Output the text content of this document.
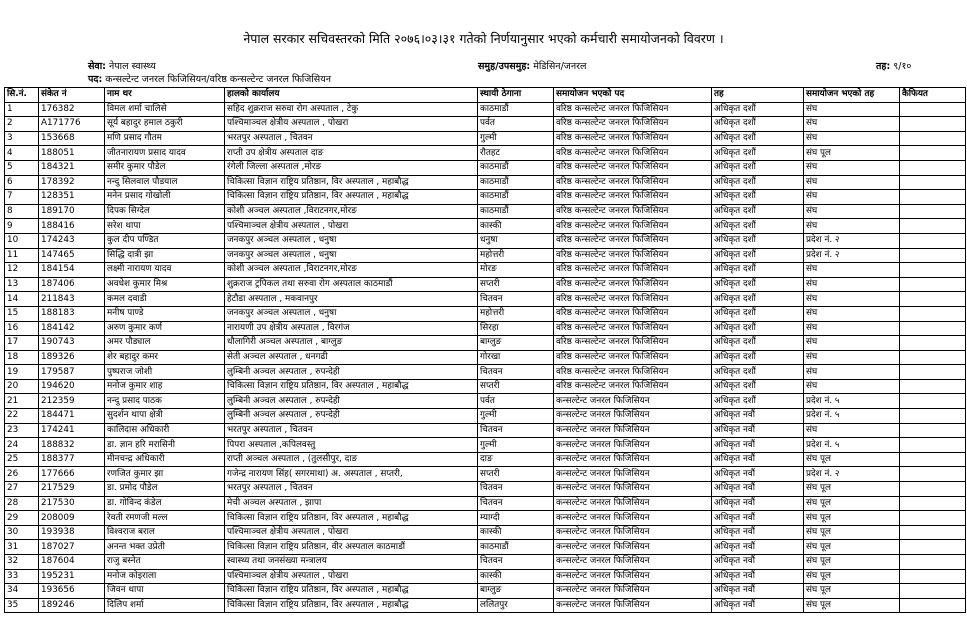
नेपाल सरकार सचिवस्तरको मिति २०७६।०३।३१ गतेको निर्णयानुसार भएको कर्मचारी समायोजनको विवरण ।
सेवा: नेपाल स्वास्थ्य	समुह/उपसमुह: मेडिसिन/जनरल	तह: ९/१०
पद: कन्सल्टेन्ट जनरल फिजिसियन/वरिष्ठ कन्सल्टेन्ट जनरल फिजिसियन
सि.नं.	संकेत नं	नाम थर	हालको कार्यालय	स्थायी ठेगाना	समायोजन भएको पद	तह	समायोजन भएको तह	कैफियत
1	176382	विमल शर्मा चालिसे	सहिद शुक्रराज सरुवा रोग अस्पताल , टेकु	काठमाडौं	वरिष्ठ कन्सल्टेन्ट जनरल फिजिसियन	अधिकृत दशौं	संघ	
2	A171776	सूर्य बहादुर हमाल ठकुरी	पश्चिमाञ्चल क्षेत्रीय अस्पताल , पोखरा	पर्वत	वरिष्ठ कन्सल्टेन्ट जनरल फिजिसियन	अधिकृत दशौं	संघ	
3	153668	मणि प्रसाद गौतम	भरतपुर अस्पताल , चितवन	गुल्मी	वरिष्ठ कन्सल्टेन्ट जनरल फिजिसियन	अधिकृत दशौं	संघ	
4	188051	जीतनारायण प्रसाद यादव	राप्ती उप क्षेत्रीय अस्पताल दाङ	रौतहट	वरिष्ठ कन्सल्टेन्ट जनरल फिजिसियन	अधिकृत दशौं	संघ पूल	
5	184321	समीर कुमार पौडेल	रंगेली जिल्ला अस्पताल ,मोरङ	काठमाडौं	वरिष्ठ कन्सल्टेन्ट जनरल फिजिसियन	अधिकृत दशौं	संघ	
6	178392	नन्दु सिलवाल पौडयाल	चिकित्सा विज्ञान राष्ट्रिय प्रतिष्ठान, विर अस्पताल , महाबौद्ध	काठमाडौं	वरिष्ठ कन्सल्टेन्ट जनरल फिजिसियन	अधिकृत दशौं	संघ	
7	128351	मनेन प्रसाद गोखोली	चिकित्सा विज्ञान राष्ट्रिय प्रतिष्ठान, विर अस्पताल , महाबौद्ध	काठमाडौं	वरिष्ठ कन्सल्टेन्ट जनरल फिजिसियन	अधिकृत दशौं	संघ	
8	189170	दिपक सिग्देल	कोशी अञ्चल अस्पताल ,विराटनगर,मोरङ	काठमाडौं	वरिष्ठ कन्सल्टेन्ट जनरल फिजिसियन	अधिकृत दशौं	संघ	
9	188416	सरेश थापा	पश्चिमाञ्चल क्षेत्रीय अस्पताल , पोखरा	कास्की	वरिष्ठ कन्सल्टेन्ट जनरल फिजिसियन	अधिकृत दशौं	संघ	
10	174243	कुल दीप पण्डित	जनकपुर अञ्चल अस्पताल , धनुषा	धनुषा	वरिष्ठ कन्सल्टेन्ट जनरल फिजिसियन	अधिकृत दशौं	प्रदेश नं. २	
11	147465	सिद्धि दात्री झा	जनकपुर अञ्चल अस्पताल , धनुषा	महोत्तरी	वरिष्ठ कन्सल्टेन्ट जनरल फिजिसियन	अधिकृत दशौं	प्रदेश नं. २	
12	184154	लक्ष्मी नारायण यादव	कोशी अञ्चल अस्पताल ,विराटनगर,मोरङ	मोरङ	वरिष्ठ कन्सल्टेन्ट जनरल फिजिसियन	अधिकृत दशौं	संघ	
13	187406	अवधेश कुमार मिश्र	शुक्रराज ट्रपिकल तथा सरुवा रोग अस्पताल काठमाडौं	सप्तरी	वरिष्ठ कन्सल्टेन्ट जनरल फिजिसियन	अधिकृत दशौं	संघ	
14	211843	कमल दवाडी	हेटौडा अस्पताल , मकवानपुर	चितवन	वरिष्ठ कन्सल्टेन्ट जनरल फिजिसियन	अधिकृत दशौं	संघ	
15	188183	मनीष पाण्डे	जनकपुर अञ्चल अस्पताल , धनुषा	महोत्तरी	वरिष्ठ कन्सल्टेन्ट जनरल फिजिसियन	अधिकृत दशौं	संघ	
16	184142	अरुण कुमार कर्ण	नारायणी उप क्षेत्रीय अस्पताल , विरगंज	सिरहा	वरिष्ठ कन्सल्टेन्ट जनरल फिजिसियन	अधिकृत दशौं	संघ	
17	190743	अमर पौड्याल	धौलागिरी अञ्चल अस्पताल , बाग्लुङ	बाग्लुङ	वरिष्ठ कन्सल्टेन्ट जनरल फिजिसियन	अधिकृत दशौं	संघ	
18	189326	शेर बहादुर कमर	सेती अञ्चल अस्पताल , धनगढी	गोरखा	वरिष्ठ कन्सल्टेन्ट जनरल फिजिसियन	अधिकृत दशौं	संघ	
19	179587	पुष्पराज जोशी	लुम्बिनी अञ्चल अस्पताल , रुपन्देही	चितवन	वरिष्ठ कन्सल्टेन्ट जनरल फिजिसियन	अधिकृत दशौं	संघ	
20	194620	मनोज कुमार शाह	चिकित्सा विज्ञान राष्ट्रिय प्रतिष्ठान, विर अस्पताल , महाबौद्ध	सप्तरी	वरिष्ठ कन्सल्टेन्ट जनरल फिजिसियन	अधिकृत दशौं	संघ	
21	212359	नन्दु प्रसाद पाठक	लुम्बिनी अञ्चल अस्पताल , रुपन्देही	पर्वत	कन्सल्टेन्ट जनरल फिजिसियन	अधिकृत दशौं	प्रदेश नं. ५	
22	184471	सुदर्शन थापा क्षेत्री	लुम्बिनी अञ्चल अस्पताल , रुपन्देही	गुल्मी	कन्सल्टेन्ट जनरल फिजिसियन	अधिकृत नवौं	प्रदेश नं. ५	
23	174241	कालिदास अधिकारी	भरतपुर अस्पताल , चितवन	चितवन	कन्सल्टेन्ट जनरल फिजिसियन	अधिकृत नवौं	संघ	
24	188832	डा. ज्ञान हरि मरासिनी	पिपरा अस्पताल ,कपिलवस्तु	गुल्मी	कन्सल्टेन्ट जनरल फिजिसियन	अधिकृत नवौं	प्रदेश नं. ५	
25	188377	मीनचन्द्र अधिकारी	राप्ती अञ्चल अस्पताल , (तुलसीपुर, दाङ	दाङ	कन्सल्टेन्ट जनरल फिजिसियन	अधिकृत नवौं	संघ पूल	
26	177666	रणजित कुमार झा	गजेन्द्र नारायण सिंह( सगरमाथा) अ. अस्पताल , सप्तरी,	सप्तरी	कन्सल्टेन्ट जनरल फिजिसियन	अधिकृत नवौं	प्रदेश नं. २	
27	217529	डा. प्रमोद पौडेल	भरतपुर अस्पताल , चितवन	चितवन	कन्सल्टेन्ट जनरल फिजिसियन	अधिकृत नवौं	संघ पूल	
28	217530	डा. गोविन्द कंडेल	मेची अञ्चल अस्पताल , झापा	चितवन	कन्सल्टेन्ट जनरल फिजिसियन	अधिकृत नवौं	संघ पूल	
29	208009	रेवती रमणजी मल्ल	चिकित्सा विज्ञान राष्ट्रिय प्रतिष्ठान, विर अस्पताल , महाबौद्ध	म्याग्दी	कन्सल्टेन्ट जनरल फिजिसियन	अधिकृत नवौं	संघ पूल	
30	193938	विश्वराज बराल	पश्चिमाञ्चल क्षेत्रीय अस्पताल , पोखरा	कास्की	कन्सल्टेन्ट जनरल फिजिसियन	अधिकृत नवौं	संघ पूल	
31	187027	अनन्त भक्त उप्रेती	चिकित्सा विज्ञान राष्ट्रिय प्रतिष्ठान, वीर अस्पताल काठमाडौं	काठमाडौं	कन्सल्टेन्ट जनरल फिजिसियन	अधिकृत नवौं	संघ पूल	
32	187604	राजु बस्नेत	स्वास्थ्य तथा जनसंख्या मन्त्रालय	चितवन	कन्सल्टेन्ट जनरल फिजिसियन	अधिकृत नवौं	संघ पूल	
33	195231	मनोज कोइराला	पश्चिमाञ्चल क्षेत्रीय अस्पताल , पोखरा	कास्की	कन्सल्टेन्ट जनरल फिजिसियन	अधिकृत नवौं	संघ पूल	
34	193656	जिवन थापा	चिकित्सा विज्ञान राष्ट्रिय प्रतिष्ठान, विर अस्पताल , महाबौद्ध	बाग्लुङ	कन्सल्टेन्ट जनरल फिजिसियन	अधिकृत नवौं	संघ पूल	
35	189246	दिलिप शर्मा	चिकित्सा विज्ञान राष्ट्रिय प्रतिष्ठान, विर अस्पताल , महाबौद्ध	ललितपुर	कन्सल्टेन्ट जनरल फिजिसियन	अधिकृत नवौं	संघ पूल	
